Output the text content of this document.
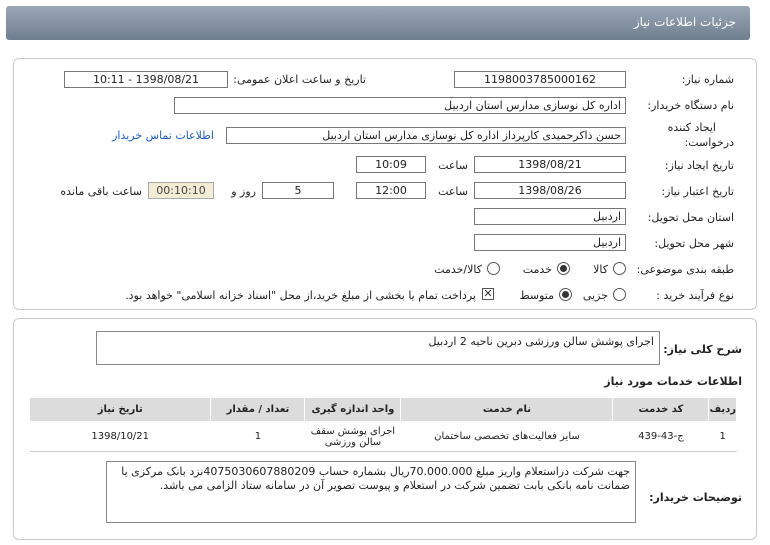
جزئیات اطلاعات نیاز
شماره نیاز:
1198003785000162
تاریخ و ساعت اعلان عمومی:
1398/08/21 - 10:11
نام دستگاه خریدار:
اداره کل نوسازی مدارس استان اردبیل
ایجاد کننده
درخواست:
حسن ذاکرحمیدی کارپرداز اداره کل نوسازی مدارس استان اردبیل
اطلاعات تماس خریدار
تاریخ ایجاد نیاز:
1398/08/21
ساعت
10:09
تاریخ اعتبار نیاز:
1398/08/26
ساعت
12:00
5
روز و
00:10:10
ساعت باقی مانده
استان محل تحویل:
اردبیل
شهر محل تحویل:
اردبیل
طبقه بندی موضوعی:
کالا
خدمت
کالا/خدمت
نوع فرآیند خرید :
جزیی
متوسط
✕
پرداخت تمام یا بخشی از مبلغ خرید،از محل "اسناد خزانه اسلامی" خواهد بود.
شرح کلی نیاز:
اجرای پوشش سالن ورزشی دبرین ناحیه 2 اردبیل
اطلاعات خدمات مورد نیاز
ردیف	کد خدمت	نام خدمت	واحد اندازه گیری	تعداد / مقدار	تاریخ نیاز
1	ج-43-439	سایر فعالیت‌های تخصصی ساختمان	اجرای پوشش سقف سالن ورزشی	1	1398/10/21
توضیحات خریدار:
جهت شرکت دراستعلام واریز مبلغ 70.000.000ریال بشماره حساب 4075030607880209نزد بانک مرکزی یا ضمانت نامه بانکی بابت تضمین شرکت در استعلام و پیوست تصویر آن در سامانه ستاد الزامی می باشد.
